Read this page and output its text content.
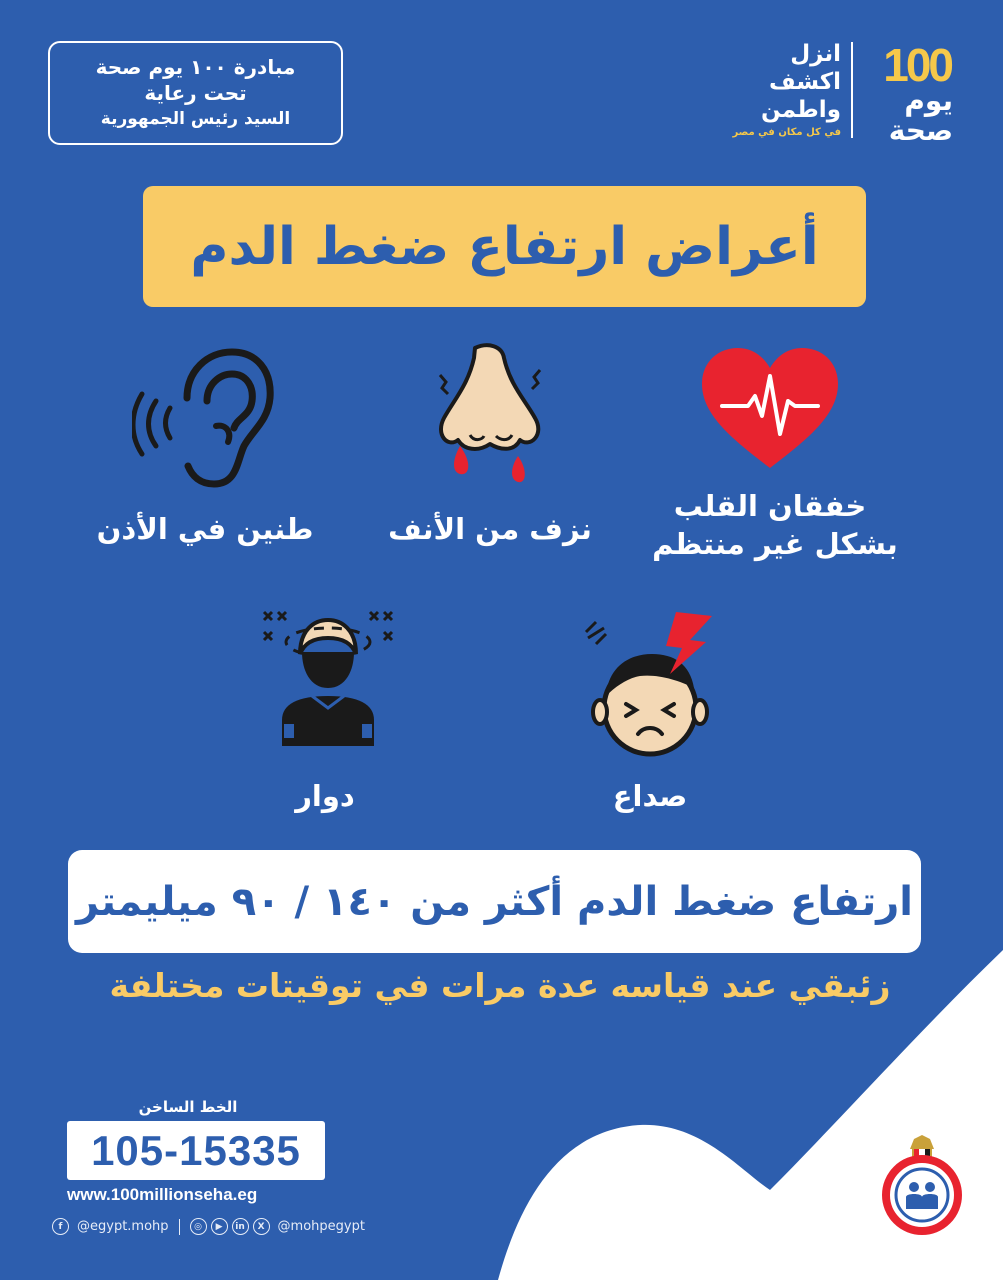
مبادرة ١٠٠ يوم صحة
تحت رعاية
السيد رئيس الجمهورية
100
يوم
صحة
انزل
اكشف
واطمن
في كل مكان في مصر
أعراض ارتفاع ضغط الدم
خفقان القلب
بشكل غير منتظم
نزف من الأنف
طنين في الأذن
صداع
دوار
ارتفاع ضغط الدم أكثر من ١٤٠ / ٩٠ ميليمتر
زئبقي عند قياسه عدة مرات في توقيتات مختلفة
الخط الساخن
105-15335
www.100millionseha.eg
f	@egypt.mohp	◎	▶	in	X	@mohpegypt
